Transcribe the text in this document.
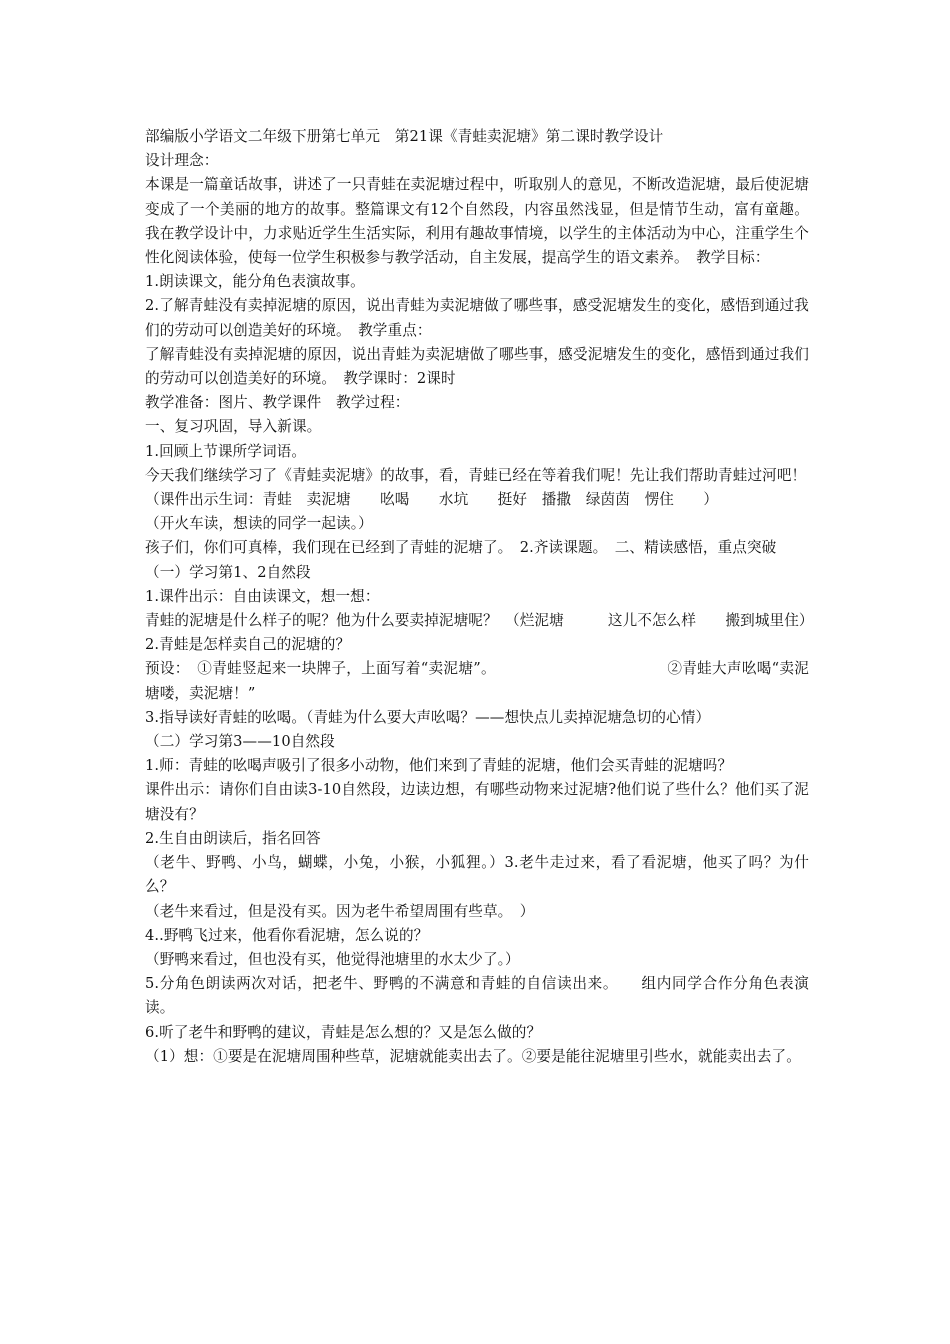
部编版小学语文二年级下册第七单元　第21课《青蛙卖泥塘》第二课时教学设计

设计理念：

本课是一篇童话故事，讲述了一只青蛙在卖泥塘过程中，听取别人的意见，不断改造泥塘，最后使泥塘变成了一个美丽的地方的故事。整篇课文有12个自然段，内容虽然浅显，但是情节生动，富有童趣。我在教学设计中，力求贴近学生生活实际，利用有趣故事情境，以学生的主体活动为中心，注重学生个性化阅读体验，使每一位学生积极参与教学活动，自主发展，提高学生的语文素养。　教学目标：

1.朗读课文，能分角色表演故事。

2.了解青蛙没有卖掉泥塘的原因，说出青蛙为卖泥塘做了哪些事，感受泥塘发生的变化，感悟到通过我们的劳动可以创造美好的环境。　教学重点：

了解青蛙没有卖掉泥塘的原因，说出青蛙为卖泥塘做了哪些事，感受泥塘发生的变化，感悟到通过我们的劳动可以创造美好的环境。　教学课时：2课时

教学准备：图片、教学课件　教学过程：

一、复习巩固，导入新课。

1.回顾上节课所学词语。

今天我们继续学习了《青蛙卖泥塘》的故事，看，青蛙已经在等着我们呢！先让我们帮助青蛙过河吧！

（课件出示生词：青蛙　卖泥塘　　吆喝　　水坑　　挺好　播撒　绿茵茵　愣住　　）

（开火车读，想读的同学一起读。）

孩子们，你们可真棒，我们现在已经到了青蛙的泥塘了。　2.齐读课题。　二、精读感悟，重点突破

（一）学习第1、2自然段

1.课件出示：自由读课文，想一想：

青蛙的泥塘是什么样子的呢？他为什么要卖掉泥塘呢？　（烂泥塘　　　这儿不怎么样　　搬到城里住）

2.青蛙是怎样卖自己的泥塘的？

预设：　①青蛙竖起来一块牌子，上面写着“卖泥塘”。　　　　　　　　　　　　②青蛙大声吆喝“卖泥塘喽，卖泥塘！”

3.指导读好青蛙的吆喝。（青蛙为什么要大声吆喝？——想快点儿卖掉泥塘急切的心情）

（二）学习第3——10自然段

1.师：青蛙的吆喝声吸引了很多小动物，他们来到了青蛙的泥塘，他们会买青蛙的泥塘吗？

课件出示：请你们自由读3-10自然段，边读边想，有哪些动物来过泥塘?他们说了些什么？他们买了泥塘没有？

2.生自由朗读后，指名回答

（老牛、野鸭、小鸟，蝴蝶，小兔，小猴，小狐狸。）3.老牛走过来，看了看泥塘，他买了吗？为什么？

（老牛来看过，但是没有买。因为老牛希望周围有些草。　）

4..野鸭飞过来，他看你看泥塘，怎么说的？

（野鸭来看过，但也没有买，他觉得池塘里的水太少了。）

5.分角色朗读两次对话，把老牛、野鸭的不满意和青蛙的自信读出来。　　组内同学合作分角色表演读。

6.听了老牛和野鸭的建议，青蛙是怎么想的？又是怎么做的？

（1）想：①要是在泥塘周围种些草，泥塘就能卖出去了。②要是能往泥塘里引些水，就能卖出去了。
